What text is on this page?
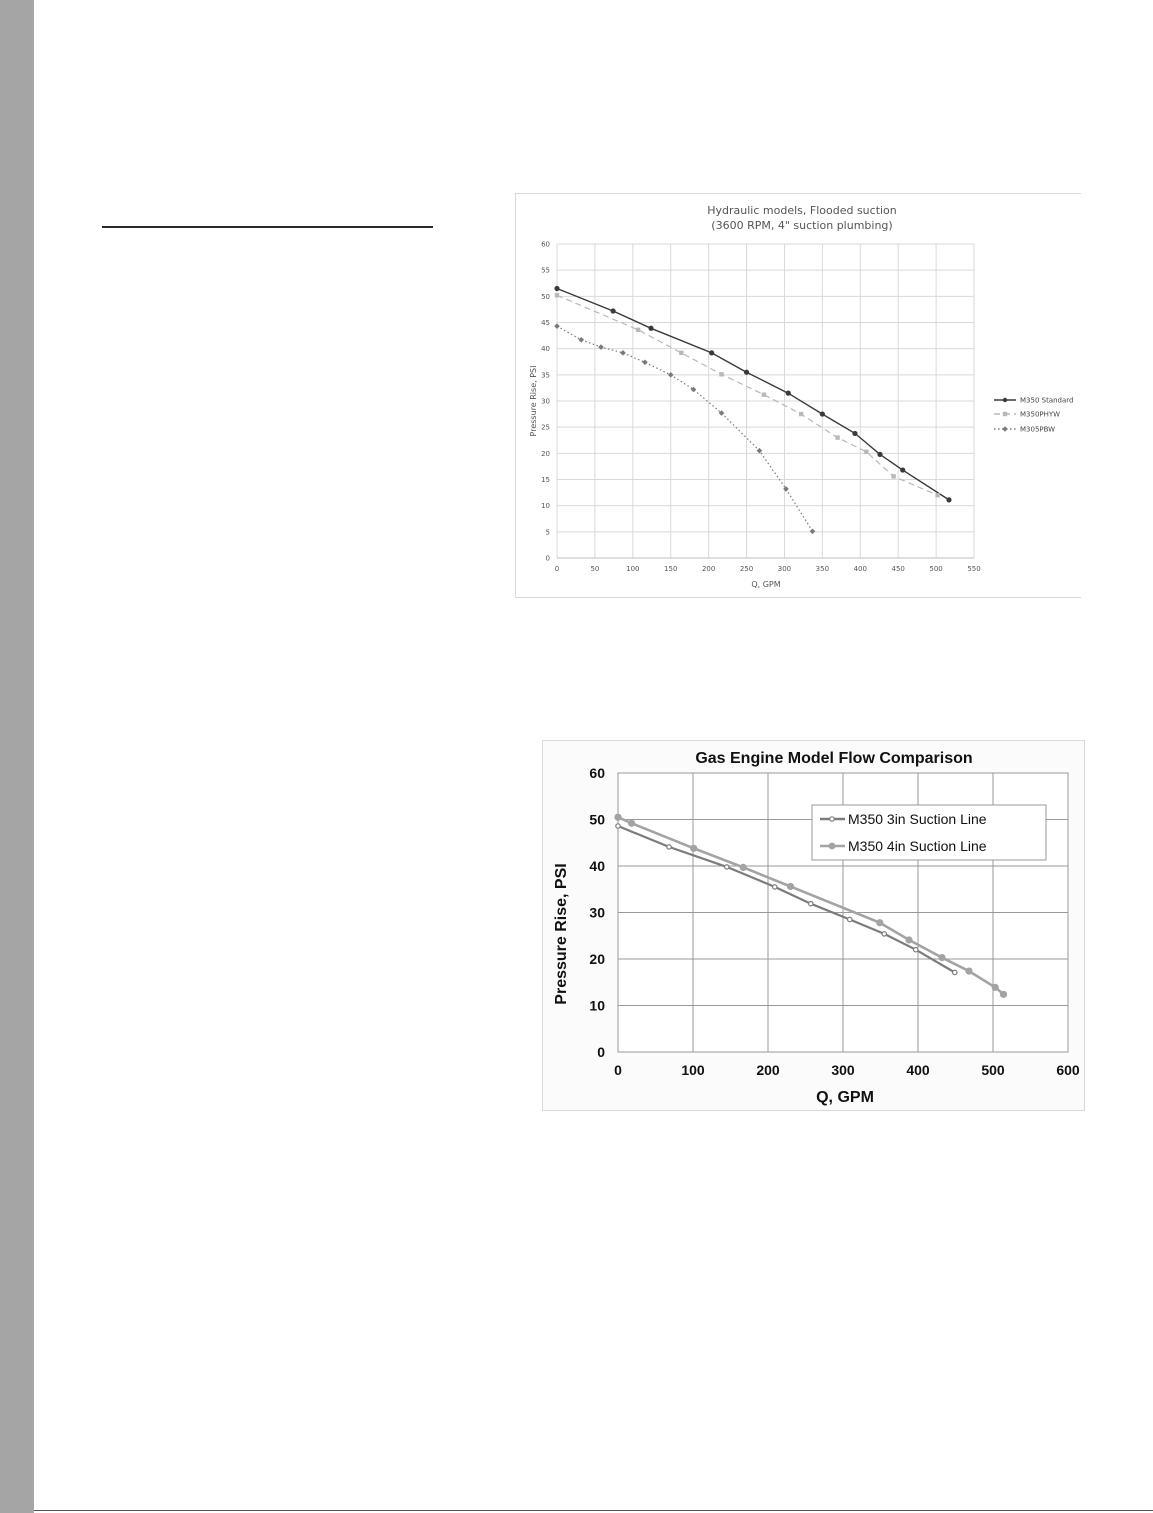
Hydraulic models, Flooded suction
(3600 RPM, 4" suction plumbing)
Q, GPM
Pressure Rise, PSI
0	50	100	150	200	250	300	350	400	450	500	550
0
5
10
15
20
25
30
35
40
45
50
55
60
M350 Standard
M350PHYW
M305PBW
Gas Engine Model Flow Comparison
Q, GPM
Pressure Rise, PSI
0	100	200	300	400	500	600
0
10
20
30
40
50
60
M350 3in Suction Line
M350 4in Suction Line
